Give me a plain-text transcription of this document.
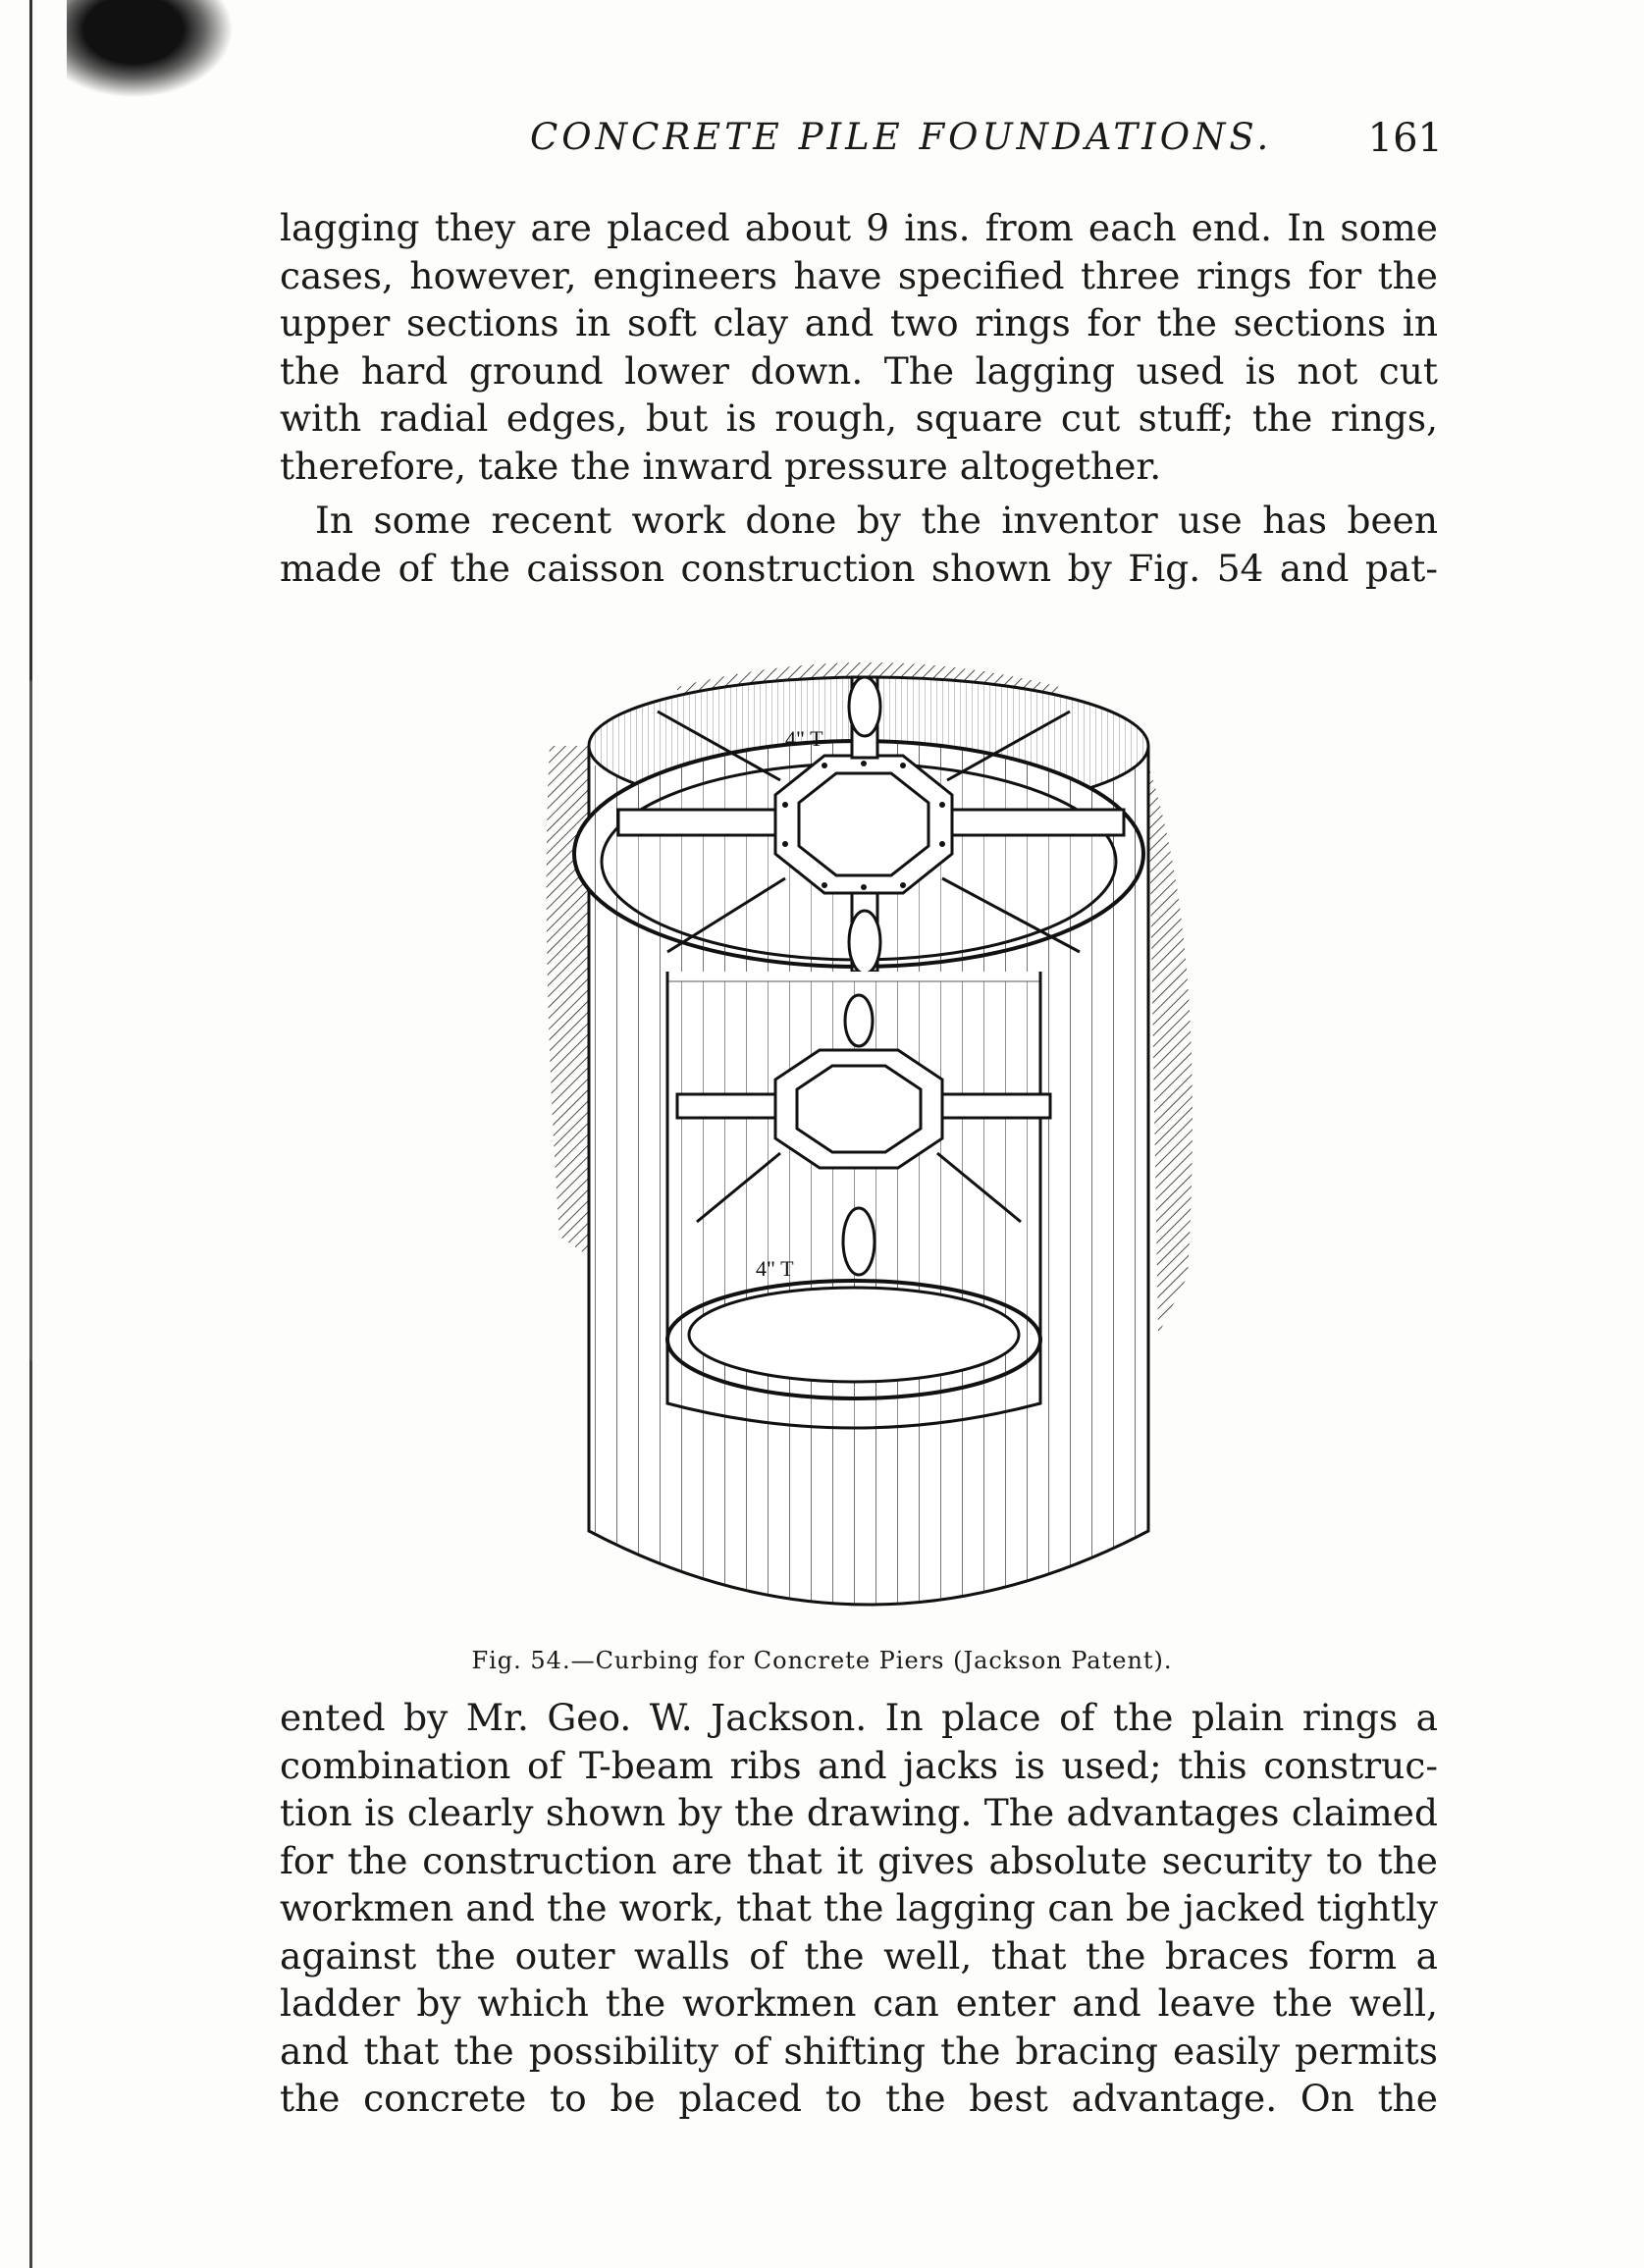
CONCRETE PILE FOUNDATIONS. 161

lagging they are placed about 9 ins. from each end. In some
cases, however, engineers have specified three rings for the
upper sections in soft clay and two rings for the sections in
the hard ground lower down. The lagging used is not cut
with radial edges, but is rough, square cut stuff; the rings,
therefore, take the inward pressure altogether.

In some recent work done by the inventor use has been
made of the caisson construction shown by Fig. 54 and pat-

4" T
4" T
Fig. 54.—Curbing for Concrete Piers (Jackson Patent).

ented by Mr. Geo. W. Jackson. In place of the plain rings a
combination of T-beam ribs and jacks is used; this construc-
tion is clearly shown by the drawing. The advantages claimed
for the construction are that it gives absolute security to the
workmen and the work, that the lagging can be jacked tightly
against the outer walls of the well, that the braces form a
ladder by which the workmen can enter and leave the well,
and that the possibility of shifting the bracing easily permits
the concrete to be placed to the best advantage. On the
